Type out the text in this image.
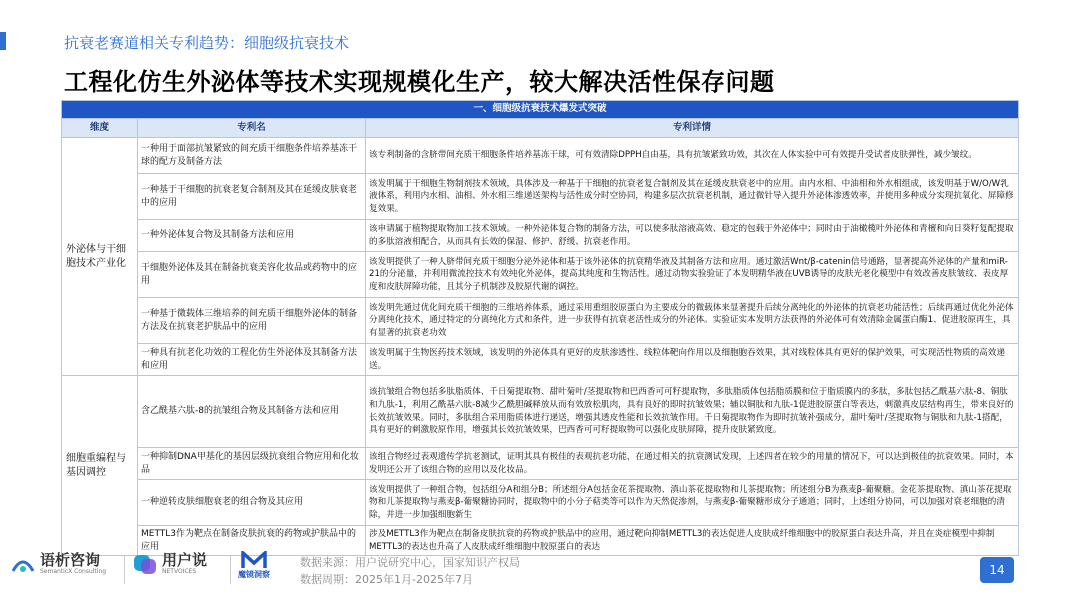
抗衰老赛道相关专利趋势：细胞级抗衰技术
工程化仿生外泌体等技术实现规模化生产，较大解决活性保存问题
一、细胞级抗衰技术爆发式突破		
维度	专利名	专利详情
外泌体与干细胞技术产业化	一种用于面部抗皱紧致的间充质干细胞条件培养基冻干球的配方及制备方法	该专利制备的含脐带间充质干细胞条件培养基冻干球，可有效清除DPPH自由基，具有抗皱紧致功效，其次在人体实验中可有效提升受试者皮肤弹性，减少皱纹。
	一种基于干细胞的抗衰老复合制剂及其在延缓皮肤衰老中的应用	该发明属于干细胞生物制剂技术领域，具体涉及一种基于干细胞的抗衰老复合制剂及其在延缓皮肤衰老中的应用。由内水相、中油相和外水相组成，该发明基于W/O/W乳液体系，利用内水相、油相、外水相三维递送架构与活性成分时空协同，构建多层次抗衰老机制，通过微针导入提升外泌体渗透效率，并使用多种成分实现抗氧化、屏障修复效果。
	一种外泌体复合物及其制备方法和应用	该申请属于植物提取物加工技术领域。一种外泌体复合物的制备方法，可以使多肽溶液高效、稳定的包载于外泌体中；同时由于油橄榄叶外泌体和青檀和向日葵籽复配提取的多肽溶液相配合，从而具有长效的保湿、修护、舒缓、抗衰老作用。
	干细胞外泌体及其在制备抗衰美容化妆品或药物中的应用	该发明提供了一种人脐带间充质干细胞分泌外泌体和基于该外泌体的抗衰精华液及其制备方法和应用。通过激活Wnt/β-catenin信号通路，显著提高外泌体的产量和miR-21的分泌量，并利用微流控技术有效纯化外泌体，提高其纯度和生物活性。通过动物实验验证了本发明精华液在UVB诱导的皮肤光老化模型中有效改善皮肤皱纹、表皮厚度和皮肤屏障功能，且其分子机制涉及胶原代谢的调控。
	一种基于微载体三维培养的间充质干细胞外泌体的制备方法及在抗衰老护肤品中的应用	该发明先通过优化间充质干细胞的三维培养体系，通过采用重组胶原蛋白为主要成分的微载体来显著提升后续分离纯化的外泌体的抗衰老功能活性；后续再通过优化外泌体分离纯化技术，通过特定的分离纯化方式和条件，进一步获得有抗衰老活性成分的外泌体。实验证实本发明方法获得的外泌体可有效清除金属蛋白酶1、促进胶原再生，具有显著的抗衰老功效
	一种具有抗老化功效的工程化仿生外泌体及其制备方法和应用	该发明属于生物医药技术领域，该发明的外泌体具有更好的皮肤渗透性、线粒体靶向作用以及细胞胞吞效果，其对线粒体具有更好的保护效果，可实现活性物质的高效递送。
细胞重编程与基因调控	含乙酰基六肽-8的抗皱组合物及其制备方法和应用	该抗皱组合物包括多肽脂质体、千日菊提取物、甜叶菊叶/茎提取物和巴西香可可籽提取物，多肽脂质体包括脂质膜和位于脂质膜内的多肽，多肽包括乙酰基六肽-8、铜肽和九肽-1，利用乙酰基六肽-8减少乙酰胆碱释放从而有效放松肌肉，具有良好的即时抗皱效果；辅以铜肽和九肽-1促进胶原蛋白等表达，刺激真皮层结构再生，带来良好的长效抗皱效果。同时，多肽组合采用脂质体进行递送，增强其透皮性能和长效抗皱作用。千日菊提取物作为即时抗皱补强成分，甜叶菊叶/茎提取物与铜肽和九肽-1搭配，具有更好的刺激胶原作用，增强其长效抗皱效果，巴西香可可籽提取物可以强化皮肤屏障，提升皮肤紧致度。
	一种抑制DNA甲基化的基因层级抗衰组合物应用和化妆品	该组合物经过表观遗传学抗老测试，证明其具有极佳的表观抗老功能，在通过相关的抗衰测试发现，上述四者在较少的用量的情况下，可以达到极佳的抗衰效果。同时，本发明还公开了该组合物的应用以及化妆品。
	一种逆转皮肤细胞衰老的组合物及其应用	该发明提供了一种组合物，包括组分A和组分B；所述组分A包括金花茶提取物、滇山茶花提取物和儿茶提取物；所述组分B为燕麦β-葡聚糖。金花茶提取物、滇山茶花提取物和儿茶提取物与燕麦β-葡聚糖协同时，提取物中的小分子萜类等可以作为天然促渗剂，与燕麦β-葡聚糖形成分子通道；同时，上述组分协同，可以加强对衰老细胞的清除，并进一步加强细胞新生
	METTL3作为靶点在制备皮肤抗衰的药物或护肤品中的应用	涉及METTL3作为靶点在制备皮肤抗衰的药物或护肤品中的应用，通过靶向抑制METTL3的表达促进人皮肤成纤维细胞中的胶原蛋白表达升高，并且在炎症模型中抑制METTL3的表达也升高了人皮肤成纤维细胞中胶原蛋白的表达
语析咨询
SemanticX Consulting
用户说
NETVOICES	魔镜洞察
数据来源：用户说研究中心，国家知识产权局
数据周期：2025年1月-2025年7月
14
